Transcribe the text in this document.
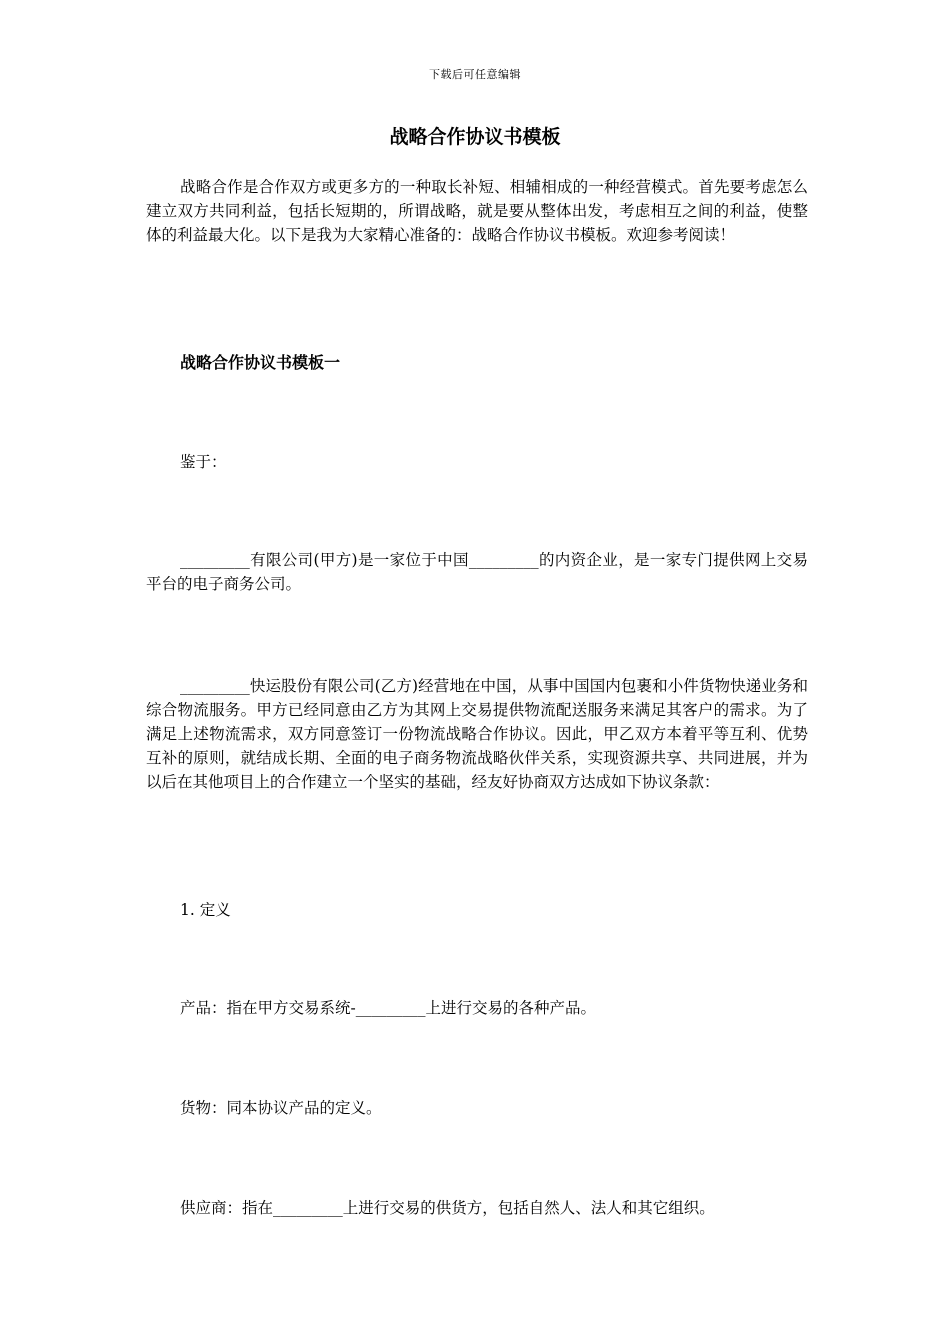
下载后可任意编辑
战略合作协议书模板

战略合作是合作双方或更多方的一种取长补短、相辅相成的一种经营模式。首先要考虑怎么建立双方共同利益，包括长短期的，所谓战略，就是要从整体出发，考虑相互之间的利益，使整体的利益最大化。以下是我为大家精心准备的：战略合作协议书模板。欢迎参考阅读！

战略合作协议书模板一

鉴于：

_________有限公司(甲方)是一家位于中国_________的内资企业，是一家专门提供网上交易平台的电子商务公司。

_________快运股份有限公司(乙方)经营地在中国，从事中国国内包裹和小件货物快递业务和综合物流服务。甲方已经同意由乙方为其网上交易提供物流配送服务来满足其客户的需求。为了满足上述物流需求，双方同意签订一份物流战略合作协议。因此，甲乙双方本着平等互利、优势互补的原则，就结成长期、全面的电子商务物流战略伙伴关系，实现资源共享、共同进展，并为以后在其他项目上的合作建立一个坚实的基础，经友好协商双方达成如下协议条款：

1. 定义

产品：指在甲方交易系统-_________上进行交易的各种产品。

货物：同本协议产品的定义。

供应商：指在_________上进行交易的供货方，包括自然人、法人和其它组织。
